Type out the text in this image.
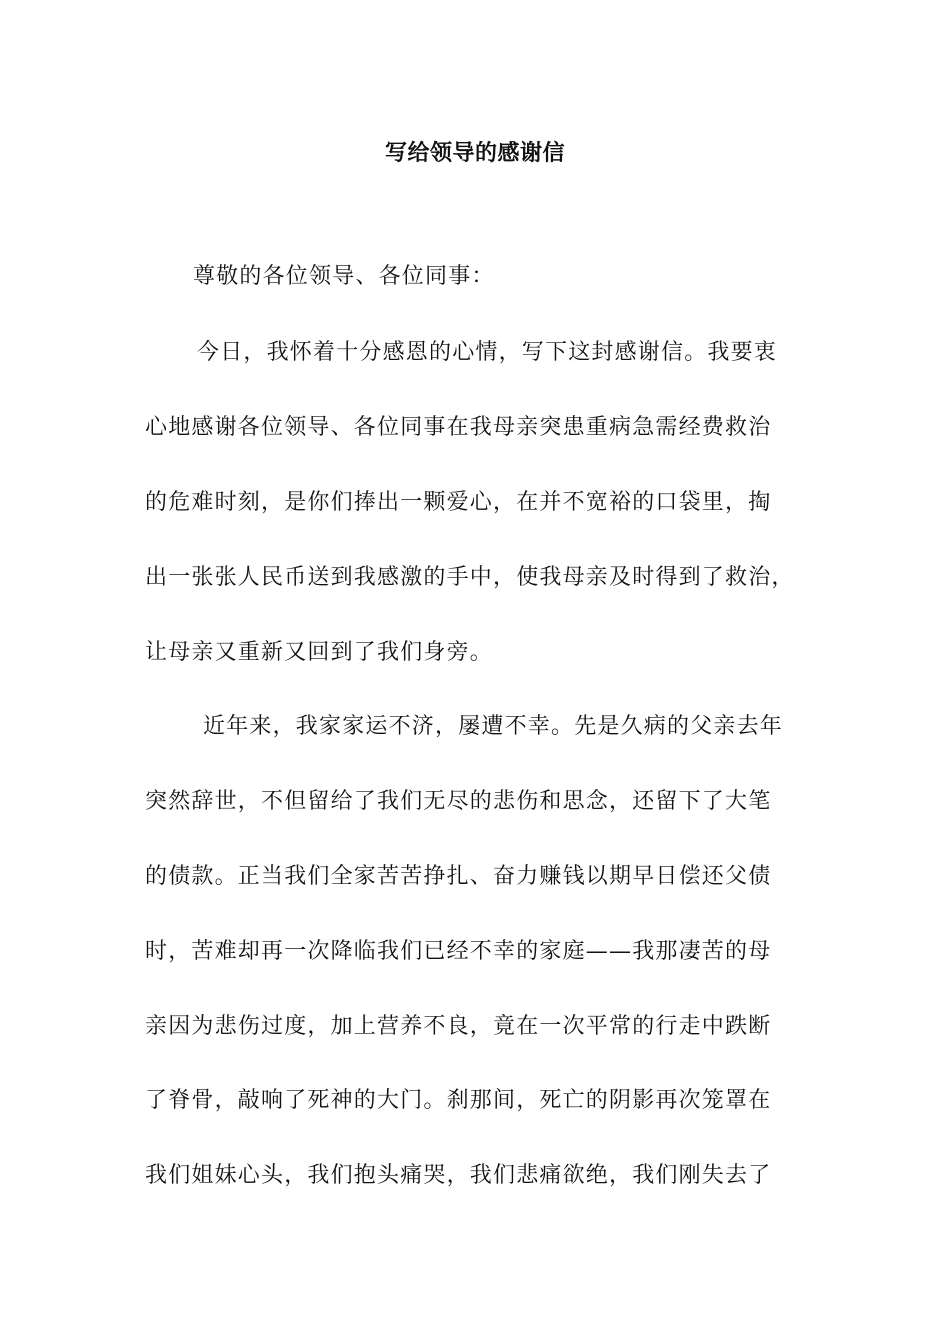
写给领导的感谢信

尊敬的各位领导、各位同事：

今日，我怀着十分感恩的心情，写下这封感谢信。我要衷

心地感谢各位领导、各位同事在我母亲突患重病急需经费救治

的危难时刻，是你们捧出一颗爱心，在并不宽裕的口袋里，掏

出一张张人民币送到我感激的手中，使我母亲及时得到了救治，

让母亲又重新又回到了我们身旁。

近年来，我家家运不济，屡遭不幸。先是久病的父亲去年

突然辞世，不但留给了我们无尽的悲伤和思念，还留下了大笔

的债款。正当我们全家苦苦挣扎、奋力赚钱以期早日偿还父债

时，苦难却再一次降临我们已经不幸的家庭——我那凄苦的母

亲因为悲伤过度，加上营养不良，竟在一次平常的行走中跌断

了脊骨，敲响了死神的大门。刹那间，死亡的阴影再次笼罩在

我们姐妹心头，我们抱头痛哭，我们悲痛欲绝，我们刚失去了
